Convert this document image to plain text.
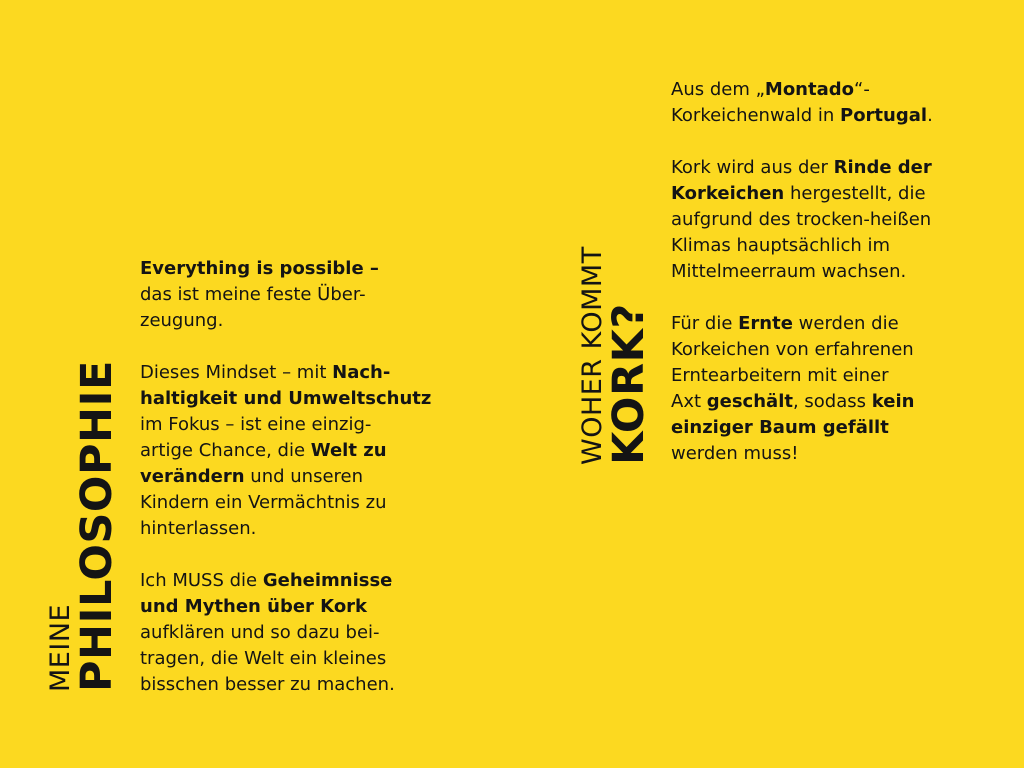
MEINE
PHILOSOPHIE

Everything is possible –
das ist meine feste Über-
zeugung.

Dieses Mindset – mit Nach-
haltigkeit und Umweltschutz
im Fokus – ist eine einzig-
artige Chance, die Welt zu
verändern und unseren
Kindern ein Vermächtnis zu
hinterlassen.

Ich MUSS die Geheimnisse
und Mythen über Kork
aufklären und so dazu bei-
tragen, die Welt ein kleines
bisschen besser zu machen.

WOHER KOMMT
KORK?

Aus dem „Montado“-
Korkeichenwald in Portugal.

Kork wird aus der Rinde der
Korkeichen hergestellt, die
aufgrund des trocken-heißen
Klimas hauptsächlich im
Mittelmeerraum wachsen.

Für die Ernte werden die
Korkeichen von erfahrenen
Erntearbeitern mit einer
Axt geschält, sodass kein
einziger Baum gefällt
werden muss!
